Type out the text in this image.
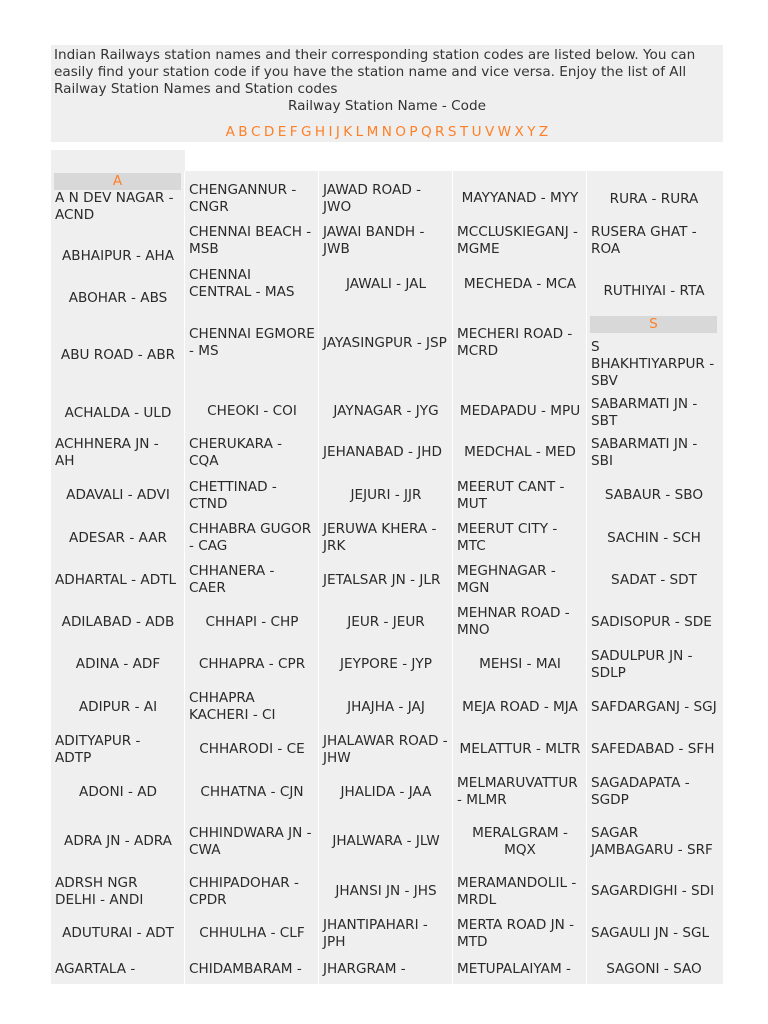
Indian Railways station names and their corresponding station codes are listed below. You can easily find your station code if you have the station name and vice versa. Enjoy the list of All Railway Station Names and Station codes

Railway Station Name - Code
A B C D E F G H I J K L M N O P Q R S T U V W X Y Z
A
A N DEV NAGAR - ACND
ABHAIPUR - AHA
ABOHAR - ABS
ABU ROAD - ABR
ACHALDA - ULD
ACHHNERA JN - AH
ADAVALI - ADVI
ADESAR - AAR
ADHARTAL - ADTL
ADILABAD - ADB
ADINA - ADF
ADIPUR - AI
ADITYAPUR - ADTP
ADONI - AD
ADRA JN - ADRA
ADRSH NGR DELHI - ANDI
ADUTURAI - ADT
AGARTALA -
CHENGANNUR - CNGR
CHENNAI BEACH - MSB
CHENNAI CENTRAL - MAS
CHENNAI EGMORE - MS
CHEOKI - COI
CHERUKARA - CQA
CHETTINAD - CTND
CHHABRA GUGOR - CAG
CHHANERA - CAER
CHHAPI - CHP
CHHAPRA - CPR
CHHAPRA KACHERI - CI
CHHARODI - CE
CHHATNA - CJN
CHHINDWARA JN - CWA
CHHIPADOHAR - CPDR
CHHULHA - CLF
CHIDAMBARAM -
JAWAD ROAD - JWO
JAWAI BANDH - JWB
JAWALI - JAL
JAYASINGPUR - JSP
JAYNAGAR - JYG
JEHANABAD - JHD
JEJURI - JJR
JERUWA KHERA - JRK
JETALSAR JN - JLR
JEUR - JEUR
JEYPORE - JYP
JHAJHA - JAJ
JHALAWAR ROAD - JHW
JHALIDA - JAA
JHALWARA - JLW
JHANSI JN - JHS
JHANTIPAHARI - JPH
JHARGRAM -
MAYYANAD - MYY
MCCLUSKIEGANJ - MGME
MECHEDA - MCA
MECHERI ROAD - MCRD
MEDAPADU - MPU
MEDCHAL - MED
MEERUT CANT - MUT
MEERUT CITY - MTC
MEGHNAGAR - MGN
MEHNAR ROAD - MNO
MEHSI - MAI
MEJA ROAD - MJA
MELATTUR - MLTR
MELMARUVATTUR - MLMR
MERALGRAM - MQX
MERAMANDOLIL - MRDL
MERTA ROAD JN - MTD
METUPALAIYAM -
S
RURA - RURA
RUSERA GHAT - ROA
RUTHIYAI - RTA
S BHAKHTIYARPUR - SBV
SABARMATI JN - SBT
SABARMATI JN - SBI
SABAUR - SBO
SACHIN - SCH
SADAT - SDT
SADISOPUR - SDE
SADULPUR JN - SDLP
SAFDARGANJ - SGJ
SAFEDABAD - SFH
SAGADAPATA - SGDP
SAGAR JAMBAGARU - SRF
SAGARDIGHI - SDI
SAGAULI JN - SGL
SAGONI - SAO
